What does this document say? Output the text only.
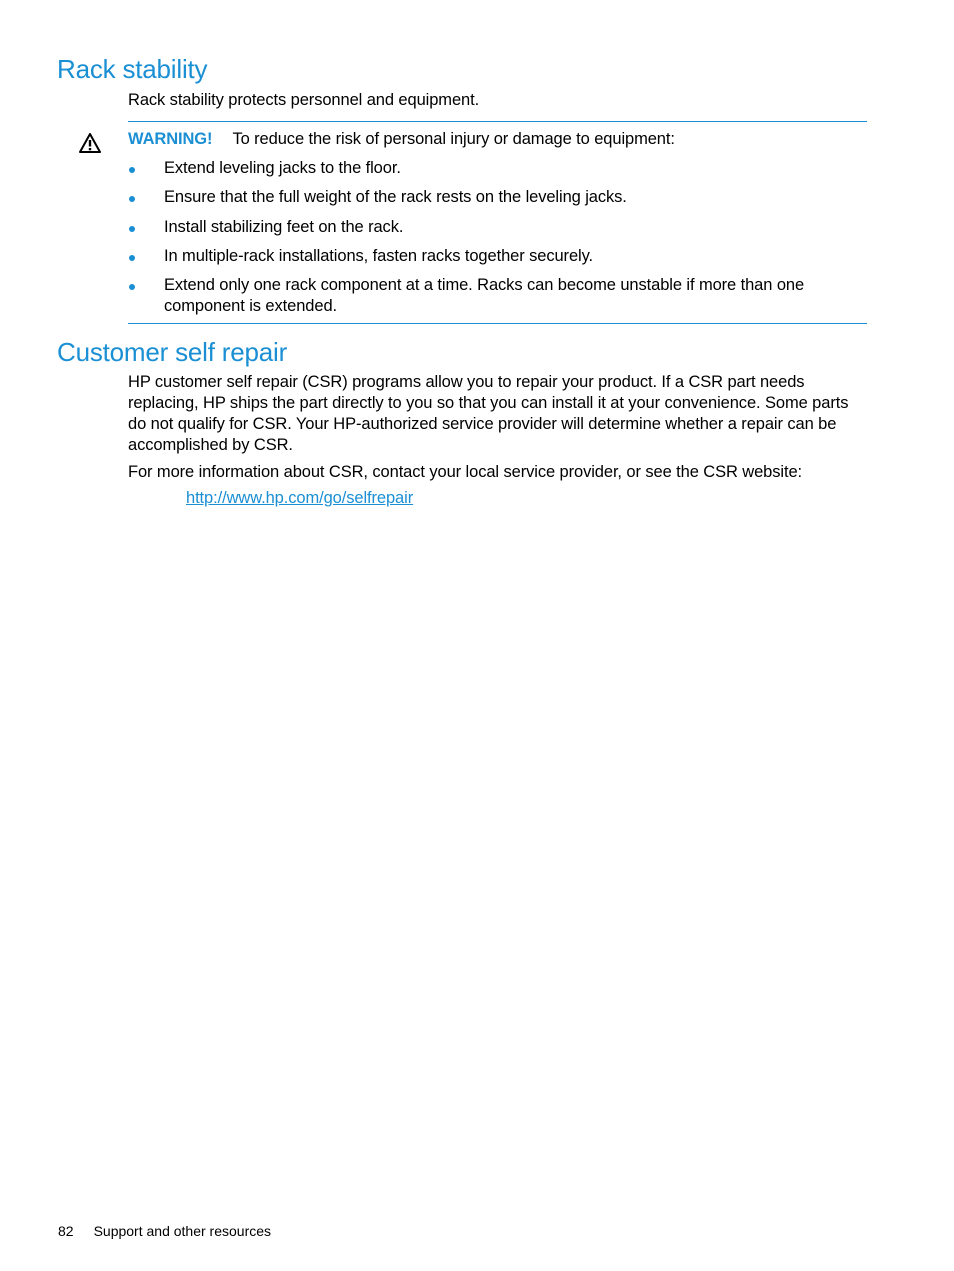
Rack stability

Rack stability protects personnel and equipment.

WARNING! To reduce the risk of personal injury or damage to equipment:
Extend leveling jacks to the floor.
Ensure that the full weight of the rack rests on the leveling jacks.
Install stabilizing feet on the rack.
In multiple-rack installations, fasten racks together securely.
Extend only one rack component at a time. Racks can become unstable if more than one component is extended.
Customer self repair

HP customer self repair (CSR) programs allow you to repair your product. If a CSR part needs replacing, HP ships the part directly to you so that you can install it at your convenience. Some parts do not qualify for CSR. Your HP-authorized service provider will determine whether a repair can be accomplished by CSR.

For more information about CSR, contact your local service provider, or see the CSR website:

http://www.hp.com/go/selfrepair
82 Support and other resources
